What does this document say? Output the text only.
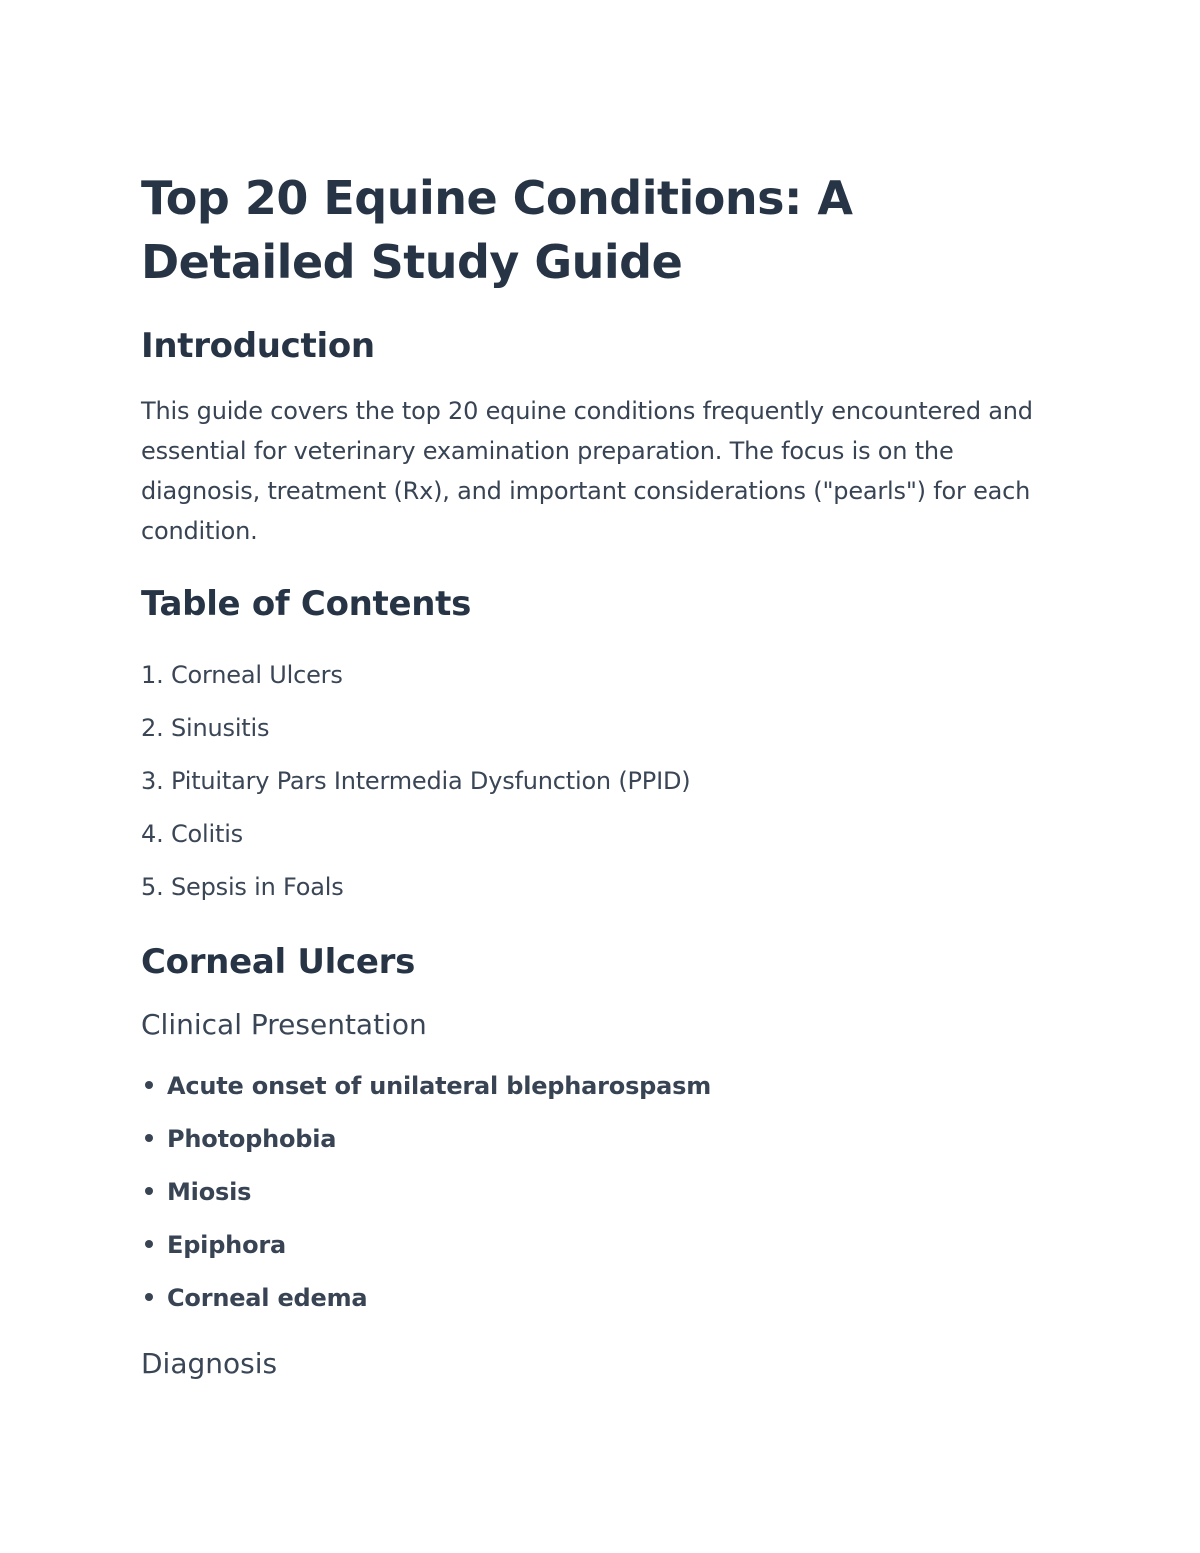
Top 20 Equine Conditions: A Detailed Study Guide
Introduction

This guide covers the top 20 equine conditions frequently encountered and essential for veterinary examination preparation. The focus is on the diagnosis, treatment (Rx), and important considerations ("pearls") for each condition.

Table of Contents
1. Corneal Ulcers
2. Sinusitis
3. Pituitary Pars Intermedia Dysfunction (PPID)
4. Colitis
5. Sepsis in Foals
Corneal Ulcers
Clinical Presentation
Acute onset of unilateral blepharospasm
Photophobia
Miosis
Epiphora
Corneal edema
Diagnosis
